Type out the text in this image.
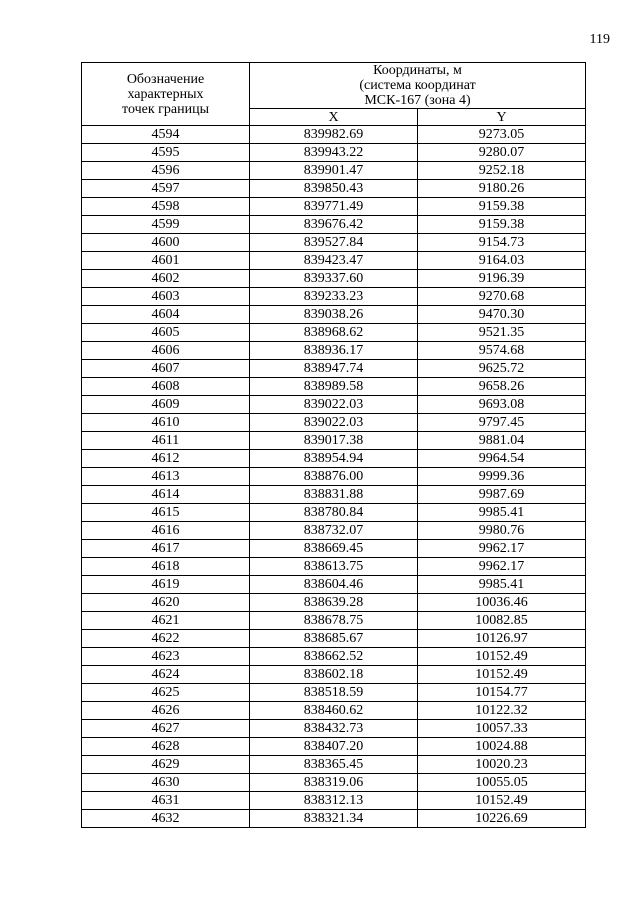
119
Обозначение
характерных
точек границы	Координаты, м
(система координат
МСК-167 (зона 4)	

	X	Y
4594	839982.69	9273.05
4595	839943.22	9280.07
4596	839901.47	9252.18
4597	839850.43	9180.26
4598	839771.49	9159.38
4599	839676.42	9159.38
4600	839527.84	9154.73
4601	839423.47	9164.03
4602	839337.60	9196.39
4603	839233.23	9270.68
4604	839038.26	9470.30
4605	838968.62	9521.35
4606	838936.17	9574.68
4607	838947.74	9625.72
4608	838989.58	9658.26
4609	839022.03	9693.08
4610	839022.03	9797.45
4611	839017.38	9881.04
4612	838954.94	9964.54
4613	838876.00	9999.36
4614	838831.88	9987.69
4615	838780.84	9985.41
4616	838732.07	9980.76
4617	838669.45	9962.17
4618	838613.75	9962.17
4619	838604.46	9985.41
4620	838639.28	10036.46
4621	838678.75	10082.85
4622	838685.67	10126.97
4623	838662.52	10152.49
4624	838602.18	10152.49
4625	838518.59	10154.77
4626	838460.62	10122.32
4627	838432.73	10057.33
4628	838407.20	10024.88
4629	838365.45	10020.23
4630	838319.06	10055.05
4631	838312.13	10152.49
4632	838321.34	10226.69
